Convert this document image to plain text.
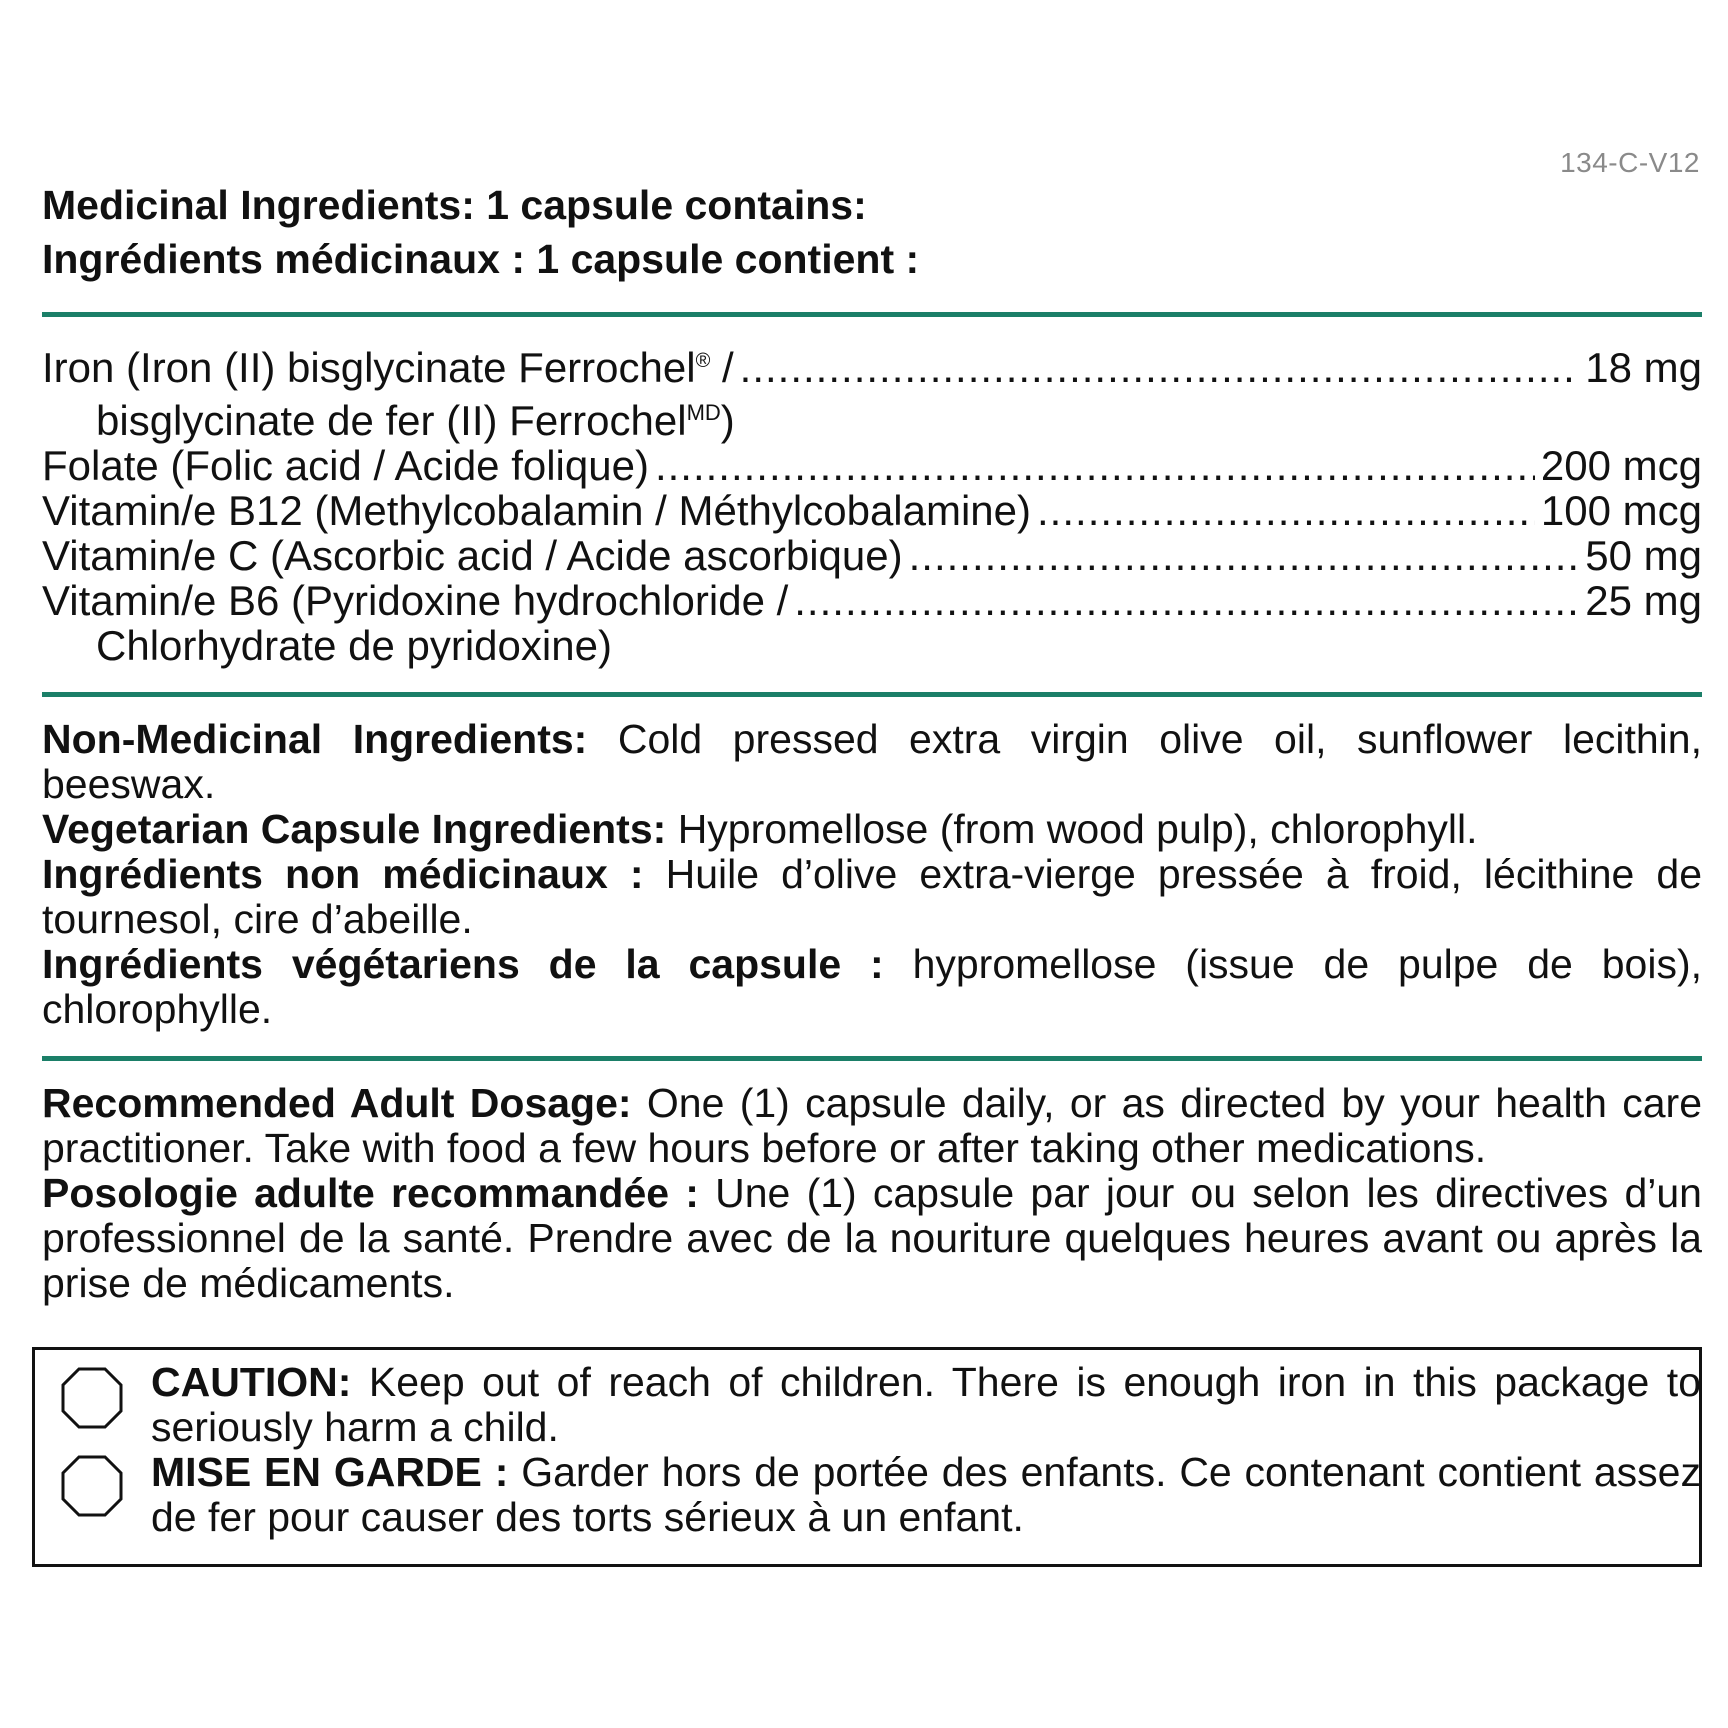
134-C-V12

Medicinal Ingredients: 1 capsule contains:

Ingrédients médicinaux : 1 capsule contient :

Iron (Iron (II) bisglycinate Ferrochel® / .....	18 mg
bisglycinate de fer (II) Ferrochel$^{MD}$)
Folate (Folic acid / Acide folique) .....	200 mcg
Vitamin/e B12 (Methylcobalamin / Méthylcobalamine) .....	100 mcg
Vitamin/e C (Ascorbic acid / Acide ascorbique) .....	50 mg
Vitamin/e B6 (Pyridoxine hydrochloride / .....	25 mg
Chlorhydrate de pyridoxine)

Non-Medicinal Ingredients: Cold pressed extra virgin olive oil, sunflower lecithin, beeswax.

Vegetarian Capsule Ingredients: Hypromellose (from wood pulp), chlorophyll.

Ingrédients non médicinaux : Huile d’olive extra-vierge pressée à froid, lécithine de tournesol, cire d’abeille.

Ingrédients végétariens de la capsule : hypromellose (issue de pulpe de bois), chlorophylle.

Recommended Adult Dosage: One (1) capsule daily, or as directed by your health care practitioner. Take with food a few hours before or after taking other medications.

Posologie adulte recommandée : Une (1) capsule par jour ou selon les directives d’un professionnel de la santé. Prendre avec de la nouriture quelques heures avant ou après la prise de médicaments.

CAUTION: Keep out of reach of children. There is enough iron in this package to seriously harm a child.

MISE EN GARDE : Garder hors de portée des enfants. Ce contenant contient assez de fer pour causer des torts sérieux à un enfant.
